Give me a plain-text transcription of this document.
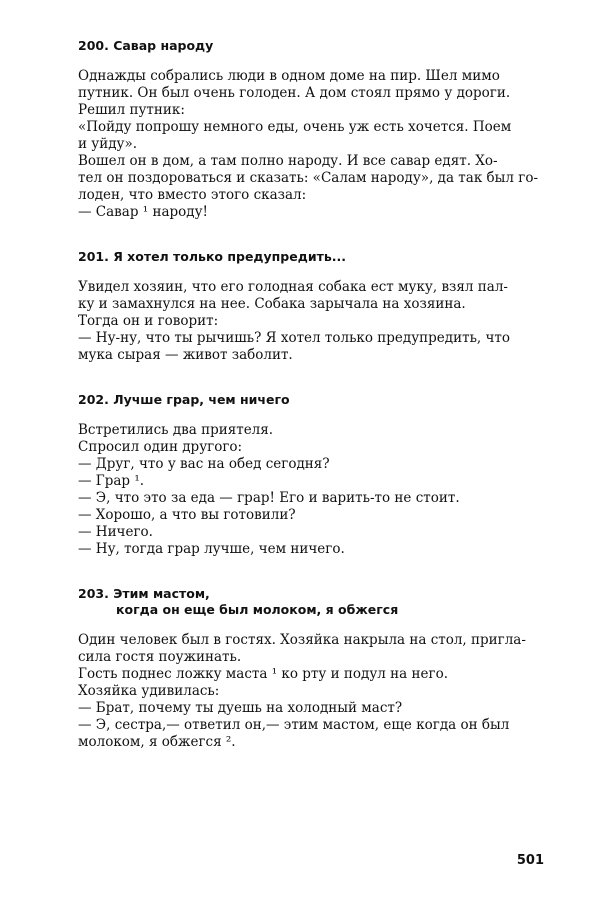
200. Савар народу
Однажды собрались люди в одном доме на пир. Шел мимо
путник. Он был очень голоден. А дом стоял прямо у дороги.
Решил путник:
«Пойду попрошу немного еды, очень уж есть хочется. Поем
и уйду».
Вошел он в дом, а там полно народу. И все савар едят. Хо-
тел он поздороваться и сказать: «Салам народу», да так был го-
лоден, что вместо этого сказал:
— Савар ¹ народу!
201. Я хотел только предупредить...
Увидел хозяин, что его голодная собака ест муку, взял пал-
ку и замахнулся на нее. Собака зарычала на хозяина.
Тогда он и говорит:
— Ну-ну, что ты рычишь? Я хотел только предупредить, что
мука сырая — живот заболит.
202. Лучше грар, чем ничего
Встретились два приятеля.
Спросил один другого:
— Друг, что у вас на обед сегодня?
— Грар ¹.
— Э, что это за еда — грар! Его и варить-то не стоит.
— Хорошо, а что вы готовили?
— Ничего.
— Ну, тогда грар лучше, чем ничего.
203. Этим мастом,
когда он еще был молоком, я обжегся
Один человек был в гостях. Хозяйка накрыла на стол, пригла-
сила гостя поужинать.
Гость поднес ложку маста ¹ ко рту и подул на него.
Хозяйка удивилась:
— Брат, почему ты дуешь на холодный маст?
— Э, сестра,— ответил он,— этим мастом, еще когда он был
молоком, я обжегся ².
501
